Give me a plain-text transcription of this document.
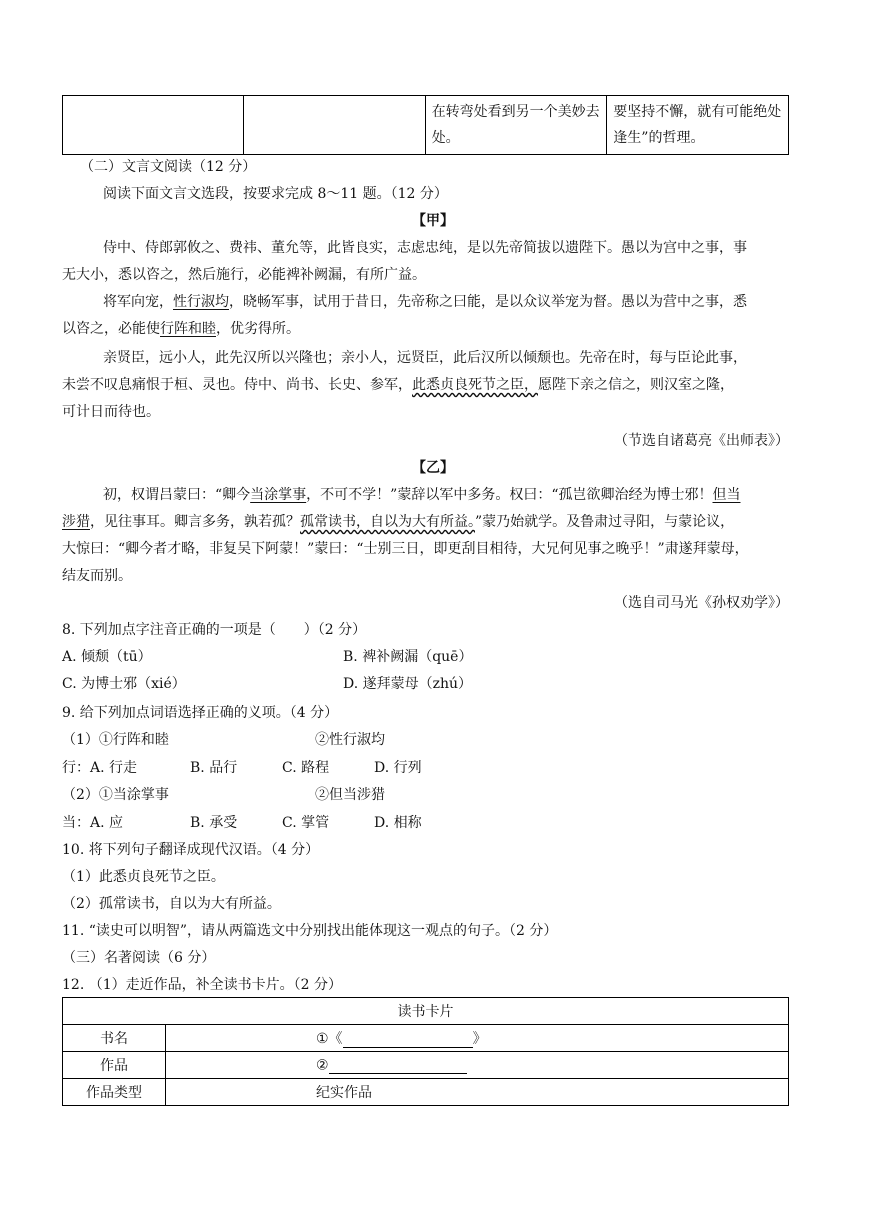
		在转弯处看到另一个美妙去处。	要坚持不懈，就有可能绝处逢生”的哲理。
（二）文言文阅读（12 分）
阅读下面文言文选段，按要求完成 8～11 题。（12 分）
【甲】
侍中、侍郎郭攸之、费祎、董允等，此皆良实，志虑忠纯，是以先帝简拔以遗陛下。愚以为宫中之事，事
无大小，悉以咨之，然后施行，必能裨补阙漏，有所广益。
将军向宠，性行淑均，晓畅军事，试用于昔日，先帝称之曰能，是以众议举宠为督。愚以为营中之事，悉
以咨之，必能使行阵和睦，优劣得所。
亲贤臣，远小人，此先汉所以兴隆也；亲小人，远贤臣，此后汉所以倾颓也。先帝在时，每与臣论此事，
未尝不叹息痛恨于桓、灵也。侍中、尚书、长史、参军，此悉贞良死节之臣，愿陛下亲之信之，则汉室之隆，
可计日而待也。
（节选自诸葛亮《出师表》）
【乙】
初，权谓吕蒙曰：“卿今当涂掌事，不可不学！”蒙辞以军中多务。权曰：“孤岂欲卿治经为博士邪！但当
涉猎，见往事耳。卿言多务，孰若孤？孤常读书，自以为大有所益。”蒙乃始就学。及鲁肃过寻阳，与蒙论议，
大惊曰：“卿今者才略，非复吴下阿蒙！”蒙曰：“士别三日，即更刮目相待，大兄何见事之晚乎！”肃遂拜蒙母，
结友而别。
（选自司马光《孙权劝学》）
8. 下列加点字注音正确的一项是（　　）（2 分）
A. 倾颓（tū）	B. 裨补阙漏（quē）
C. 为博士邪（xié）	D. 遂拜蒙母（zhú）
9. 给下列加点词语选择正确的义项。（4 分）
（1）①行阵和睦	②性行淑均
行：A. 行走	B. 品行	C. 路程	D. 行列
（2）①当涂掌事	②但当涉猎
当：A. 应	B. 承受	C. 掌管	D. 相称
10. 将下列句子翻译成现代汉语。（4 分）
（1）此悉贞良死节之臣。
（2）孤常读书，自以为大有所益。
11. “读史可以明智”，请从两篇选文中分别找出能体现这一观点的句子。（2 分）
（三）名著阅读（6 分）
12. （1）走近作品，补全读书卡片。（2 分）
读书卡片	
书名	①《 》
作品	②
作品类型	纪实作品
